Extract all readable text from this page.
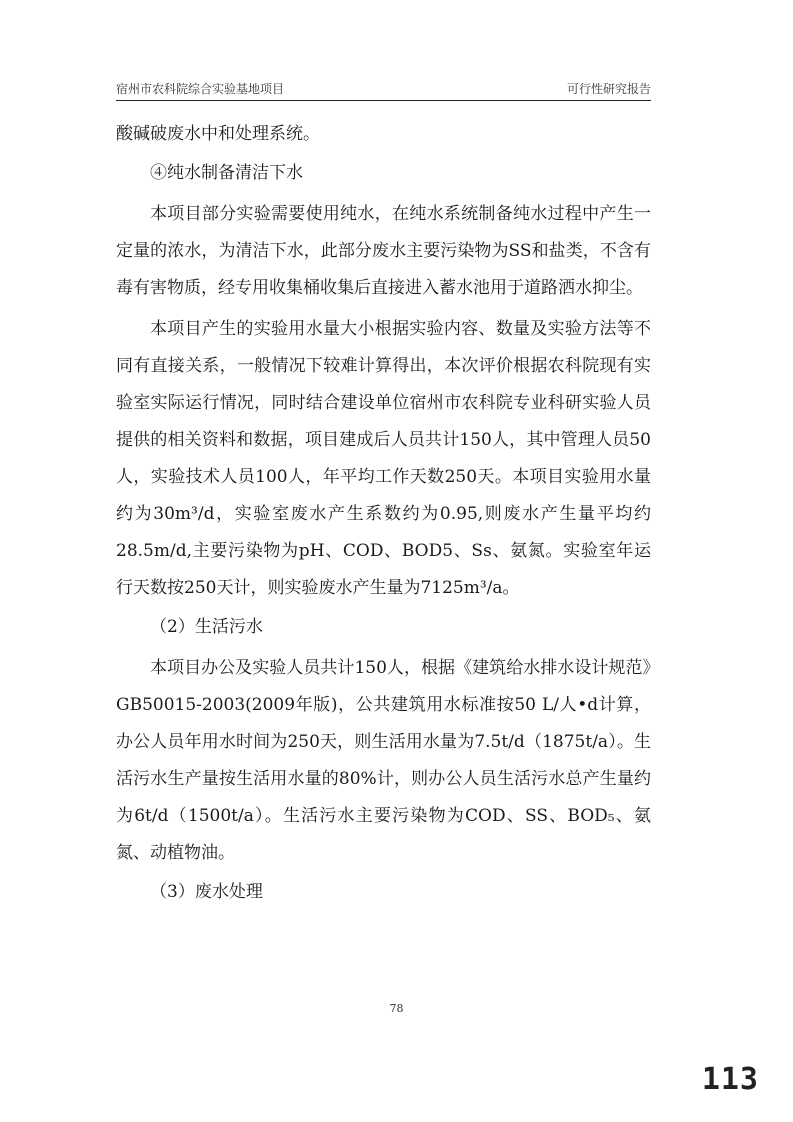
宿州市农科院综合实验基地项目	可行性研究报告

酸碱破废水中和处理系统。

④纯水制备清洁下水

本项目部分实验需要使用纯水，在纯水系统制备纯水过程中产生一定量的浓水，为清洁下水，此部分废水主要污染物为SS和盐类，不含有毒有害物质，经专用收集桶收集后直接进入蓄水池用于道路洒水抑尘。

本项目产生的实验用水量大小根据实验内容、数量及实验方法等不同有直接关系，一般情况下较难计算得出，本次评价根据农科院现有实验室实际运行情况，同时结合建设单位宿州市农科院专业科研实验人员提供的相关资料和数据，项目建成后人员共计150人，其中管理人员50人，实验技术人员100人，年平均工作天数250天。本项目实验用水量约为30m³/d，实验室废水产生系数约为0.95,则废水产生量平均约28.5m/d,主要污染物为pH、COD、BOD5、Ss、氨氮。实验室年运行天数按250天计，则实验废水产生量为7125m³/a。

（2）生活污水

本项目办公及实验人员共计150人，根据《建筑给水排水设计规范》GB50015-2003(2009年版)，公共建筑用水标准按50 L/人•d计算，办公人员年用水时间为250天，则生活用水量为7.5t/d（1875t/a）。生活污水生产量按生活用水量的80%计，则办公人员生活污水总产生量约为6t/d（1500t/a）。生活污水主要污染物为COD、SS、BOD₅、氨氮、动植物油。

（3）废水处理

78
113
